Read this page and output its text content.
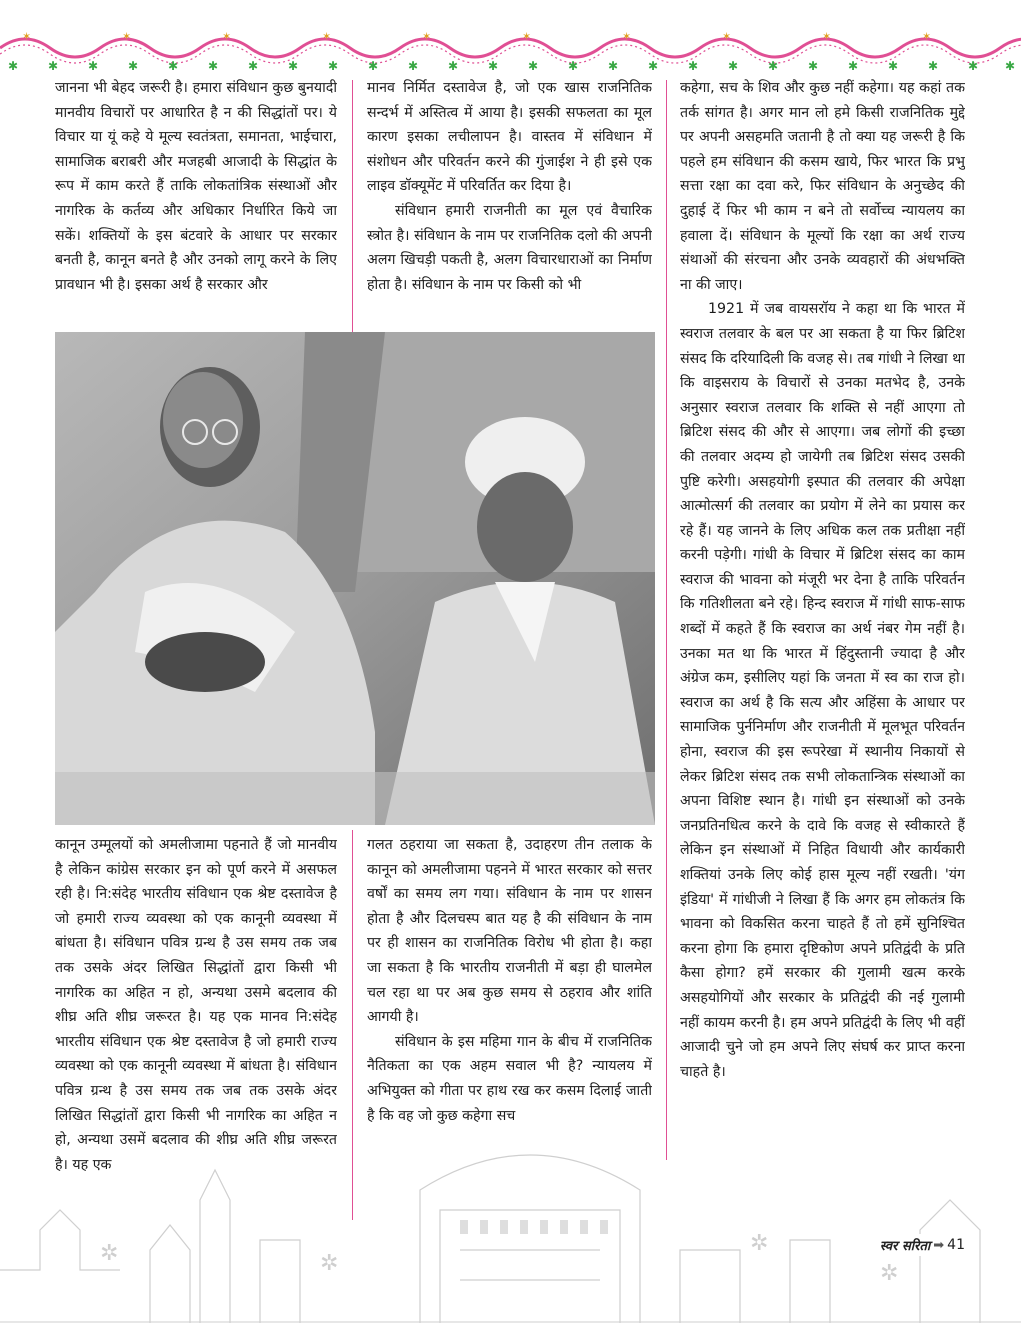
✱ ✱ ✱ ✱ ✱ ✱ ✱ ✱ ✱ ✱ ✱ ✱ ✱ ✱ ✱ ✱ ✱ ✱ ✱ ✱ ✱ ✱ ✱ ✱ ✱ ✱
✶	✶	✶	✶	✶	✶	✶	✶	✶	✶

जानना भी बेहद जरूरी है। हमारा संविधान कुछ बुनयादी मानवीय विचारों पर आधारित है न की सिद्धांतों पर। ये विचार या यूं कहे ये मूल्य स्वतंत्रता, समानता, भाईचारा, सामाजिक बराबरी और मजहबी आजादी के सिद्धांत के रूप में काम करते हैं ताकि लोकतांत्रिक संस्थाओं और नागरिक के कर्तव्य और अधिकार निर्धारित किये जा सकें। शक्तियों के इस बंटवारे के आधार पर सरकार बनती है, कानून बनते है और उनको लागू करने के लिए प्रावधान भी है। इसका अर्थ है सरकार और

मानव निर्मित दस्तावेज है, जो एक खास राजनितिक सन्दर्भ में अस्तित्व में आया है। इसकी सफलता का मूल कारण इसका लचीलापन है। वास्तव में संविधान में संशोधन और परिवर्तन करने की गुंजाईश ने ही इसे एक लाइव डॉक्यूमेंट में परिवर्तित कर दिया है।

संविधान हमारी राजनीती का मूल एवं वैचारिक स्त्रोत है। संविधान के नाम पर राजनितिक दलो की अपनी अलग खिचड़ी पकती है, अलग विचारधाराओं का निर्माण होता है। संविधान के नाम पर किसी को भी

कहेगा, सच के शिव और कुछ नहीं कहेगा। यह कहां तक तर्क सांगत है। अगर मान लो हमे किसी राजनितिक मुद्दे पर अपनी असहमति जतानी है तो क्या यह जरूरी है कि पहले हम संविधान की कसम खाये, फिर भारत कि प्रभु सत्ता रक्षा का दवा करे, फिर संविधान के अनुच्छेद की दुहाई दें फिर भी काम न बने तो सर्वोच्च न्यायलय का हवाला दें। संविधान के मूल्यों कि रक्षा का अर्थ राज्य संथाओं की संरचना और उनके व्यवहारों की अंधभक्ति ना की जाए।

1921 में जब वायसरॉय ने कहा था कि भारत में स्वराज तलवार के बल पर आ सकता है या फिर ब्रिटिश संसद कि दरियादिली कि वजह से। तब गांधी ने लिखा था कि वाइसराय के विचारों से उनका मतभेद है, उनके अनुसार स्वराज तलवार कि शक्ति से नहीं आएगा तो ब्रिटिश संसद की और से आएगा। जब लोगों की इच्छा की तलवार अदम्य हो जायेगी तब ब्रिटिश संसद उसकी पुष्टि करेगी। असहयोगी इस्पात की तलवार की अपेक्षा आत्मोत्सर्ग की तलवार का प्रयोग में लेने का प्रयास कर रहे हैं। यह जानने के लिए अधिक कल तक प्रतीक्षा नहीं करनी पड़ेगी। गांधी के विचार में ब्रिटिश संसद का काम स्वराज की भावना को मंजूरी भर देना है ताकि परिवर्तन कि गतिशीलता बने रहे। हिन्द स्वराज में गांधी साफ-साफ शब्दों में कहते हैं कि स्वराज का अर्थ नंबर गेम नहीं है। उनका मत था कि भारत में हिंदुस्तानी ज्यादा है और अंग्रेज कम, इसीलिए यहां कि जनता में स्व का राज हो। स्वराज का अर्थ है कि सत्य और अहिंसा के आधार पर सामाजिक पुर्ननिर्माण और राजनीती में मूलभूत परिवर्तन होना, स्वराज की इस रूपरेखा में स्थानीय निकायों से लेकर ब्रिटिश संसद तक सभी लोकतान्त्रिक संस्थाओं का अपना विशिष्ट स्थान है। गांधी इन संस्थाओं को उनके जनप्रतिनधित्व करने के दावे कि वजह से स्वीकारते हैं लेकिन इन संस्थाओं में निहित विधायी और कार्यकारी शक्तियां उनके लिए कोई हास मूल्य नहीं रखती। 'यंग इंडिया' में गांधीजी ने लिखा हैं कि अगर हम लोकतंत्र कि भावना को विकसित करना चाहते हैं तो हमें सुनिश्चित करना होगा कि हमारा दृष्टिकोण अपने प्रतिद्वंदी के प्रति कैसा होगा? हमें सरकार की गुलामी खत्म करके असहयोगियों और सरकार के प्रतिद्वंदी की नई गुलामी नहीं कायम करनी है। हम अपने प्रतिद्वंदी के लिए भी वहीं आजादी चुने जो हम अपने लिए संघर्ष कर प्राप्त करना चाहते है।

कानून उम्मूलयों को अमलीजामा पहनाते हैं जो मानवीय है लेकिन कांग्रेस सरकार इन को पूर्ण करने में असफल रही है। नि:संदेह भारतीय संविधान एक श्रेष्ट दस्तावेज है जो हमारी राज्य व्यवस्था को एक कानूनी व्यवस्था में बांधता है। संविधान पवित्र ग्रन्थ है उस समय तक जब तक उसके अंदर लिखित सिद्धांतों द्वारा किसी भी नागरिक का अहित न हो, अन्यथा उसमे बदलाव की शीघ्र अति शीघ्र जरूरत है। यह एक मानव नि:संदेह भारतीय संविधान एक श्रेष्ट दस्तावेज है जो हमारी राज्य व्यवस्था को एक कानूनी व्यवस्था में बांधता है। संविधान पवित्र ग्रन्थ है उस समय तक जब तक उसके अंदर लिखित सिद्धांतों द्वारा किसी भी नागरिक का अहित न हो, अन्यथा उसमें बदलाव की शीघ्र अति शीघ्र जरूरत है। यह एक

गलत ठहराया जा सकता है, उदाहरण तीन तलाक के कानून को अमलीजामा पहनने में भारत सरकार को सत्तर वर्षों का समय लग गया। संविधान के नाम पर शासन होता है और दिलचस्प बात यह है की संविधान के नाम पर ही शासन का राजनितिक विरोध भी होता है। कहा जा सकता है कि भारतीय राजनीती में बड़ा ही घालमेल चल रहा था पर अब कुछ समय से ठहराव और शांति आगयी है।

संविधान के इस महिमा गान के बीच में राजनितिक नैतिकता का एक अहम सवाल भी है? न्यायलय में अभियुक्त को गीता पर हाथ रख कर कसम दिलाई जाती है कि वह जो कुछ कहेगा सच

✲	✲
✲
✲
स्वर सरिता ➡ 41
